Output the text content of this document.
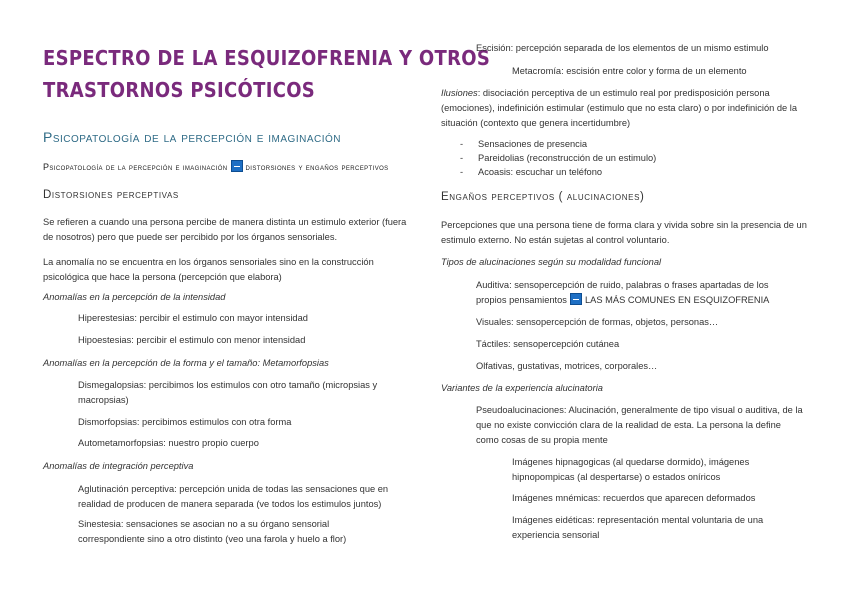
ESPECTRO DE LA ESQUIZOFRENIA Y OTROS
TRASTORNOS PSICÓTICOS
Psicopatología de la percepción e imaginación
Psicopatología de la percepción e imaginación distorsiones y engaños perceptivos
Distorsiones perceptivas
Se refieren a cuando una persona percibe de manera distinta un estimulo exterior (fuera de nosotros) pero que puede ser percibido por los órganos sensoriales.
La anomalía no se encuentra en los órganos sensoriales sino en la construcción psicológica que hace la persona (percepción que elabora)
Anomalías en la percepción de la intensidad
Hiperestesias: percibir el estimulo con mayor intensidad
Hipoestesias: percibir el estimulo con menor intensidad
Anomalías en la percepción de la forma y el tamaño: Metamorfopsias
Dismegalopsias: percibimos los estimulos con otro tamaño (micropsias y macropsias)
Dismorfopsias: percibimos estimulos con otra forma
Autometamorfopsias: nuestro propio cuerpo
Anomalías de integración perceptiva
Aglutinación perceptiva: percepción unida de todas las sensaciones que en realidad de producen de manera separada (ve todos los estimulos juntos)
Sinestesia: sensaciones se asocian no a su órgano sensorial correspondiente sino a otro distinto (veo una farola y huelo a flor)
Escisión: percepción separada de los elementos de un mismo estimulo
Metacromía: escisión entre color y forma de un elemento
Ilusiones: disociación perceptiva de un estimulo real por predisposición persona (emociones), indefinición estimular (estimulo que no esta claro) o por indefinición de la situación (contexto que genera incertidumbre)
- Sensaciones de presencia
- Pareidolias (reconstrucción de un estimulo)
- Acoasis: escuchar un teléfono
Engaños perceptivos ( alucinaciones)
Percepciones que una persona tiene de forma clara y vivida sobre sin la presencia de un estimulo externo. No están sujetas al control voluntario.
Tipos de alucinaciones según su modalidad funcional
Auditiva: sensopercepción de ruido, palabras o frases apartadas de los propios pensamientos LAS MÁS COMUNES EN ESQUIZOFRENIA
Visuales: sensopercepción de formas, objetos, personas…
Táctiles: sensopercepción cutánea
Olfativas, gustativas, motrices, corporales…
Variantes de la experiencia alucinatoria
Pseudoalucinaciones: Alucinación, generalmente de tipo visual o auditiva, de la que no existe convicción clara de la realidad de esta. La persona la define como cosas de su propia mente
Imágenes hipnagogicas (al quedarse dormido), imágenes hipnopompicas (al despertarse) o estados oníricos
Imágenes mnémicas: recuerdos que aparecen deformados
Imágenes eidéticas: representación mental voluntaria de una experiencia sensorial
